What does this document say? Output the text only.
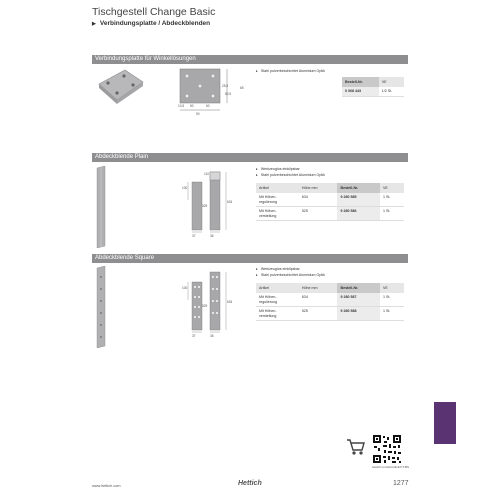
Tischgestell Change Basic
▶ Verbindungsplatte / Abdeckblenden
Verbindungsplatte für Winkellösungen
90
50
65
52,5
25,5
10,5	60
▸ Stahl pulverbeschichtet Aluminium Optik
Bestell-Nr.	VE
0 068 443	1/2 St.
Abdeckblende Plain
100
110
525
634
37	36
▸ Werkzeuglos einklipsbar
▸ Stahl pulverbeschichtet Aluminium Optik
Artikel	Höhe mm	Bestell-Nr.	VE
Mit Höhen-
regulierung	634	9 280 585	1 St.
Mit Höhen-
verstellung	525	9 280 586	1 St.
Abdeckblende Square
100
525
634
37	36
▸ Werkzeuglos einklipsbar
▸ Stahl pulverbeschichtet Aluminium Optik
Artikel	Höhe mm	Bestell-Nr.	VE
Mit Höhen-
regulierung	634	9 280 587	1 St.
Mit Höhen-
verstellung	525	9 280 588	1 St.
hettich.com/shortlink/CT-BS
www.hettich.com	Hettich	1277
